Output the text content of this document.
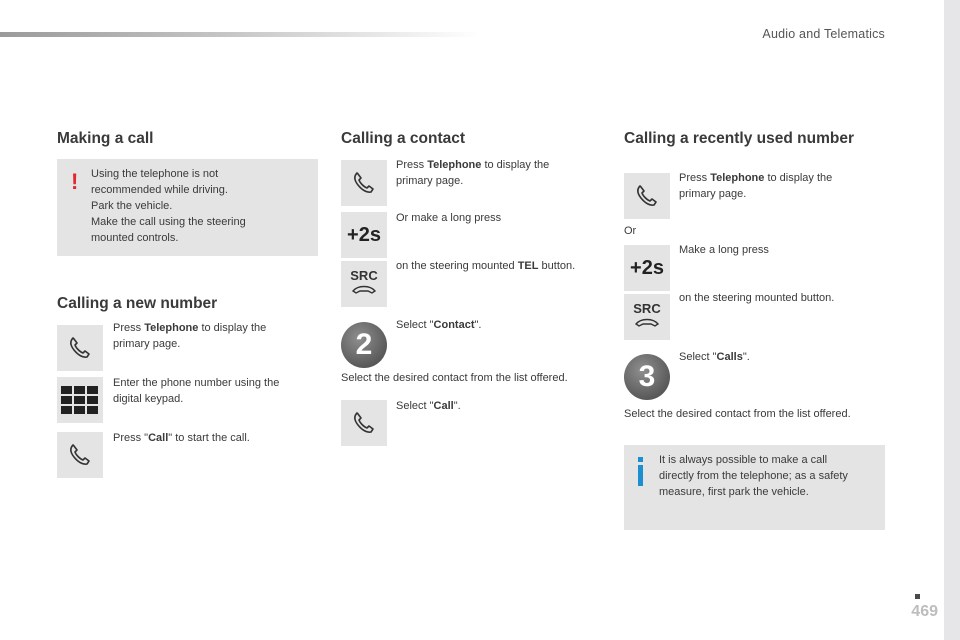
Audio and Telematics
469
Making a call
! Using the telephone is not
recommended while driving.
Park the vehicle.
Make the call using the steering
mounted controls.
Calling a new number
Press Telephone to display the
primary page.
Enter the phone number using the
digital keypad.
Press "Call" to start the call.
Calling a contact
Press Telephone to display the
primary page.
+2s
Or make a long press
SRC
on the steering mounted TEL button.
2
Select "Contact".
Select the desired contact from the list offered.
Select "Call".
Calling a recently used number
Press Telephone to display the
primary page.
Or
+2s
Make a long press
SRC
on the steering mounted button.
3
Select "Calls".
Select the desired contact from the list offered.
It is always possible to make a call
directly from the telephone; as a safety
measure, first park the vehicle.
